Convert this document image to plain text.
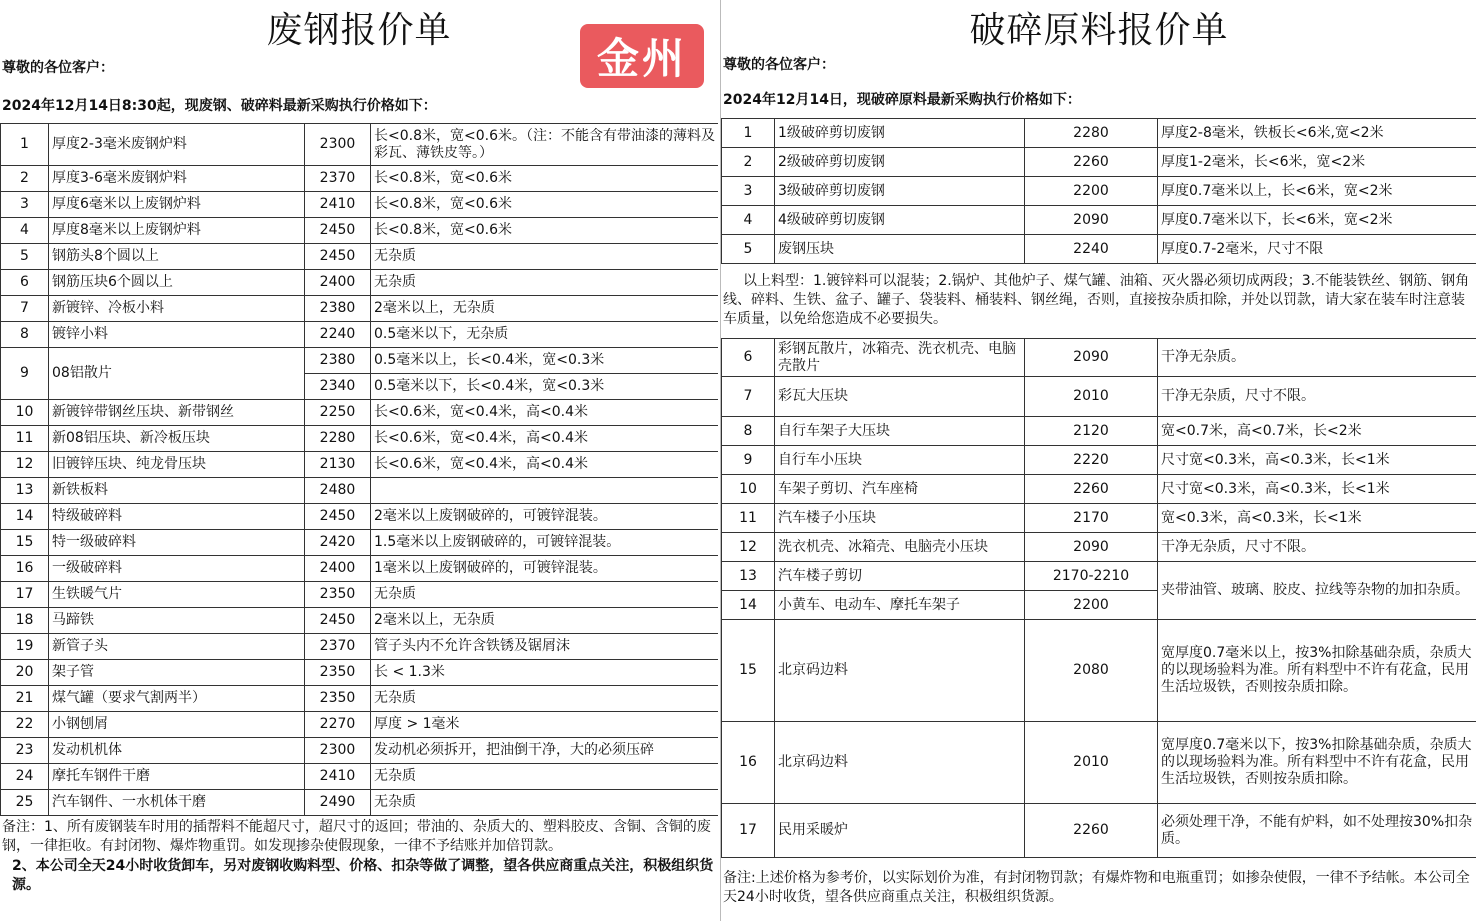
废钢报价单
金州
尊敬的各位客户：
2024年12月14日8:30起，现废钢、破碎料最新采购执行价格如下：
1	厚度2-3毫米废钢炉料	2300	长<0.8米，宽<0.6米。（注：不能含有带油漆的薄料及彩瓦、薄铁皮等。）
2	厚度3-6毫米废钢炉料	2370	长<0.8米，宽<0.6米
3	厚度6毫米以上废钢炉料	2410	长<0.8米，宽<0.6米
4	厚度8毫米以上废钢炉料	2450	长<0.8米，宽<0.6米
5	钢筋头8个圆以上	2450	无杂质
6	钢筋压块6个圆以上	2400	无杂质
7	新镀锌、冷板小料	2380	2毫米以上，无杂质
8	镀锌小料	2240	0.5毫米以下，无杂质
9	08铝散片	2380	0.5毫米以上，长<0.4米，宽<0.3米
		2340	0.5毫米以下，长<0.4米，宽<0.3米
10	新镀锌带钢丝压块、新带钢丝	2250	长<0.6米，宽<0.4米，高<0.4米
11	新08铝压块、新冷板压块	2280	长<0.6米，宽<0.4米，高<0.4米
12	旧镀锌压块、纯龙骨压块	2130	长<0.6米，宽<0.4米，高<0.4米
13	新铁板料	2480	
14	特级破碎料	2450	2毫米以上废钢破碎的，可镀锌混装。
15	特一级破碎料	2420	1.5毫米以上废钢破碎的，可镀锌混装。
16	一级破碎料	2400	1毫米以上废钢破碎的，可镀锌混装。
17	生铁暖气片	2350	无杂质
18	马蹄铁	2450	2毫米以上，无杂质
19	新管子头	2370	管子头内不允许含铁锈及锯屑沫
20	架子管	2350	长 < 1.3米
21	煤气罐（要求气割两半）	2350	无杂质
22	小钢刨屑	2270	厚度 > 1毫米
23	发动机机体	2300	发动机必须拆开，把油倒干净，大的必须压碎
24	摩托车钢件干磨	2410	无杂质
25	汽车钢件、一水机体干磨	2490	无杂质
备注：1、所有废钢装车时用的插帮料不能超尺寸，超尺寸的返回；带油的、杂质大的、塑料胶皮、含铜、含铜的废钢，一律拒收。有封闭物、爆炸物重罚。如发现掺杂使假现象，一律不予结账并加倍罚款。
2、本公司全天24小时收货卸车，另对废钢收购料型、价格、扣杂等做了调整，望各供应商重点关注，积极组织货源。
破碎原料报价单
尊敬的各位客户：
2024年12月14日，现破碎原料最新采购执行价格如下：
1	1级破碎剪切废钢	2280	厚度2-8毫米，铁板长<6米,宽<2米
2	2级破碎剪切废钢	2260	厚度1-2毫米，长<6米，宽<2米
3	3级破碎剪切废钢	2200	厚度0.7毫米以上，长<6米，宽<2米
4	4级破碎剪切废钢	2090	厚度0.7毫米以下，长<6米，宽<2米
5	废钢压块	2240	厚度0.7-2毫米，尺寸不限
以上料型：1.镀锌料可以混装；2.锅炉、其他炉子、煤气罐、油箱、灭火器必须切成两段；3.不能装铁丝、钢筋、钢角线、碎料、生铁、盆子、罐子、袋装料、桶装料、钢丝绳，否则，直接按杂质扣除，并处以罚款，请大家在装车时注意装车质量，以免给您造成不必要损失。
6	彩钢瓦散片，冰箱壳、洗衣机壳、电脑壳散片	2090	干净无杂质。
7	彩瓦大压块	2010	干净无杂质，尺寸不限。
8	自行车架子大压块	2120	宽<0.7米，高<0.7米，长<2米
9	自行车小压块	2220	尺寸宽<0.3米，高<0.3米，长<1米
10	车架子剪切、汽车座椅	2260	尺寸宽<0.3米，高<0.3米，长<1米
11	汽车楼子小压块	2170	宽<0.3米，高<0.3米，长<1米
12	洗衣机壳、冰箱壳、电脑壳小压块	2090	干净无杂质，尺寸不限。
13	汽车楼子剪切	2170-2210	夹带油管、玻璃、胶皮、拉线等杂物的加扣杂质。
14	小黄车、电动车、摩托车架子	2200	
15	北京码边料	2080	宽厚度0.7毫米以上，按3%扣除基础杂质，杂质大的以现场验料为准。所有料型中不许有花盒，民用生活垃圾铁，否则按杂质扣除。
16	北京码边料	2010	宽厚度0.7毫米以下，按3%扣除基础杂质，杂质大的以现场验料为准。所有料型中不许有花盒，民用生活垃圾铁，否则按杂质扣除。
17	民用采暖炉	2260	必须处理干净，不能有炉料，如不处理按30%扣杂质。
备注:上述价格为参考价，以实际划价为准，有封闭物罚款；有爆炸物和电瓶重罚；如掺杂使假，一律不予结帐。本公司全天24小时收货，望各供应商重点关注，积极组织货源。
